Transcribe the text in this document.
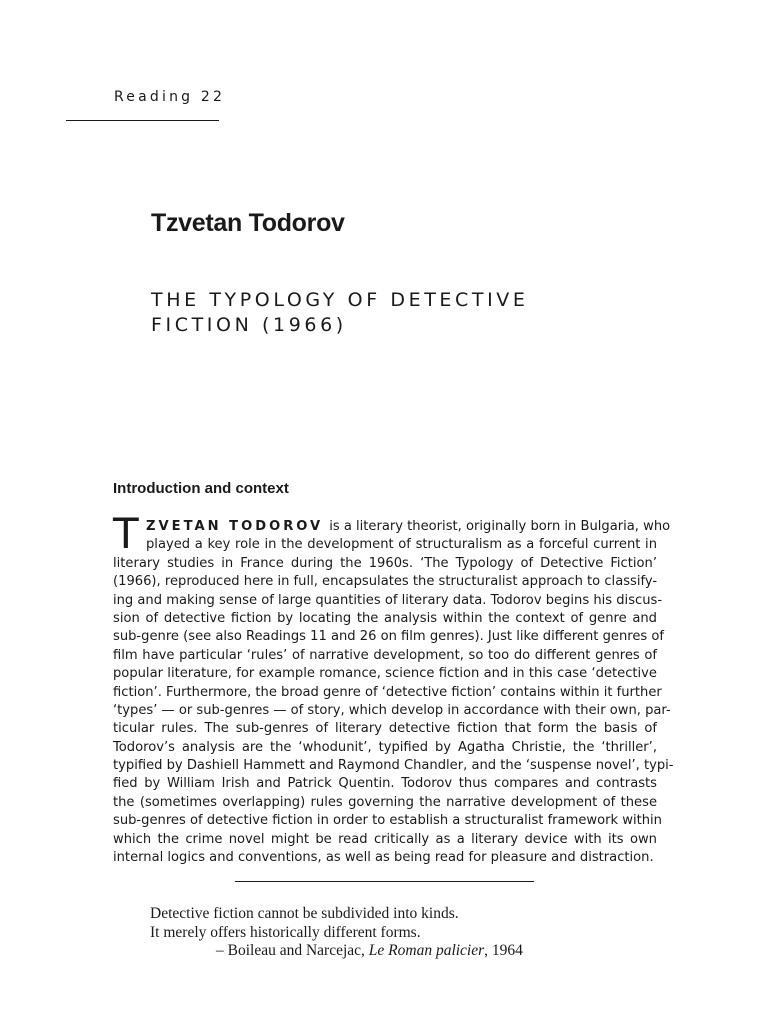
Reading 22
Tzvetan Todorov
THE TYPOLOGY OF DETECTIVE
FICTION (1966)
Introduction and context
T ZVETAN TODOROV is a literary theorist, originally born in Bulgaria, who
played a key role in the development of structuralism as a forceful current in
literary studies in France during the 1960s. ‘The Typology of Detective Fiction’
(1966), reproduced here in full, encapsulates the structuralist approach to classify-
ing and making sense of large quantities of literary data. Todorov begins his discus-
sion of detective fiction by locating the analysis within the context of genre and
sub-genre (see also Readings 11 and 26 on film genres). Just like different genres of
film have particular ‘rules’ of narrative development, so too do different genres of
popular literature, for example romance, science fiction and in this case ‘detective
fiction’. Furthermore, the broad genre of ‘detective fiction’ contains within it further
‘types’ — or sub-genres — of story, which develop in accordance with their own, par-
ticular rules. The sub-genres of literary detective fiction that form the basis of
Todorov’s analysis are the ‘whodunit’, typified by Agatha Christie, the ‘thriller’,
typified by Dashiell Hammett and Raymond Chandler, and the ‘suspense novel’, typi-
fied by William Irish and Patrick Quentin. Todorov thus compares and contrasts
the (sometimes overlapping) rules governing the narrative development of these
sub-genres of detective fiction in order to establish a structuralist framework within
which the crime novel might be read critically as a literary device with its own
internal logics and conventions, as well as being read for pleasure and distraction.
Detective fiction cannot be subdivided into kinds.
It merely offers historically different forms.
– Boileau and Narcejac, Le Roman palicier, 1964
